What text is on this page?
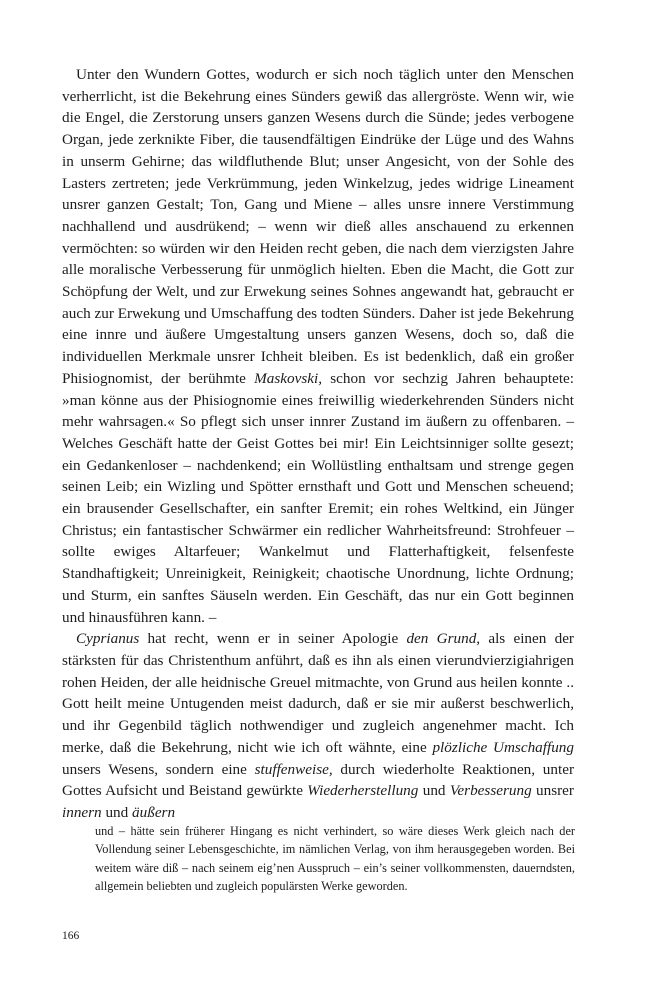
Unter den Wundern Gottes, wodurch er sich noch täglich unter den Menschen verherrlicht, ist die Bekehrung eines Sünders gewiß das allergröste. Wenn wir, wie die Engel, die Zerstorung unsers ganzen Wesens durch die Sünde; jedes verbogene Organ, jede zerknikte Fiber, die tausendfältigen Eindrüke der Lüge und des Wahns in unserm Gehirne; das wildfluthende Blut; unser Angesicht, von der Sohle des Lasters zertreten; jede Verkrümmung, jeden Winkelzug, jedes widrige Lineament unsrer ganzen Gestalt; Ton, Gang und Miene – alles unsre innere Verstimmung nachhallend und ausdrükend; – wenn wir dieß alles anschauend zu erkennen vermöchten: so würden wir den Heiden recht geben, die nach dem vierzigsten Jahre alle moralische Verbesserung für unmöglich hielten. Eben die Macht, die Gott zur Schöpfung der Welt, und zur Erwekung seines Sohnes angewandt hat, gebraucht er auch zur Erwekung und Umschaffung des todten Sünders. Daher ist jede Bekehrung eine innre und äußere Umgestaltung unsers ganzen Wesens, doch so, daß die individuellen Merkmale unsrer Ichheit bleiben. Es ist bedenklich, daß ein großer Phisiognomist, der berühmte Maskovski, schon vor sechzig Jahren behauptete: »man könne aus der Phisiognomie eines freiwillig wiederkehrenden Sünders nicht mehr wahrsagen.« So pflegt sich unser innrer Zustand im äußern zu offenbaren. – Welches Geschäft hatte der Geist Gottes bei mir! Ein Leichtsinniger sollte gesezt; ein Gedankenloser – nachdenkend; ein Wollüstling enthaltsam und strenge gegen seinen Leib; ein Wizling und Spötter ernsthaft und Gott und Menschen scheuend; ein brausender Gesellschafter, ein sanfter Eremit; ein rohes Weltkind, ein Jünger Christus; ein fantastischer Schwärmer ein redlicher Wahrheitsfreund: Strohfeuer – sollte ewiges Altarfeuer; Wankelmut und Flatterhaftigkeit, felsenfeste Standhaftigkeit; Unreinigkeit, Reinigkeit; chaotische Unordnung, lichte Ordnung; und Sturm, ein sanftes Säuseln werden. Ein Geschäft, das nur ein Gott beginnen und hinausführen kann. –

Cyprianus hat recht, wenn er in seiner Apologie den Grund, als einen der stärksten für das Christenthum anführt, daß es ihn als einen vierundvierzigiahrigen rohen Heiden, der alle heidnische Greuel mitmachte, von Grund aus heilen konnte .. Gott heilt meine Untugenden meist dadurch, daß er sie mir außerst beschwerlich, und ihr Gegenbild täglich nothwendiger und zugleich angenehmer macht. Ich merke, daß die Bekehrung, nicht wie ich oft wähnte, eine plözliche Umschaffung unsers Wesens, sondern eine stuffenweise, durch wiederholte Reaktionen, unter Gottes Aufsicht und Beistand gewürkte Wiederherstellung und Verbesserung unsrer innern und äußern

und – hätte sein früherer Hingang es nicht verhindert, so wäre dieses Werk gleich nach der Vollendung seiner Lebensgeschichte, im nämlichen Verlag, von ihm herausgegeben worden. Bei weitem wäre diß – nach seinem eig’nen Ausspruch – ein’s seiner vollkommensten, dauerndsten, allgemein beliebten und zugleich populärsten Werke geworden.

166
